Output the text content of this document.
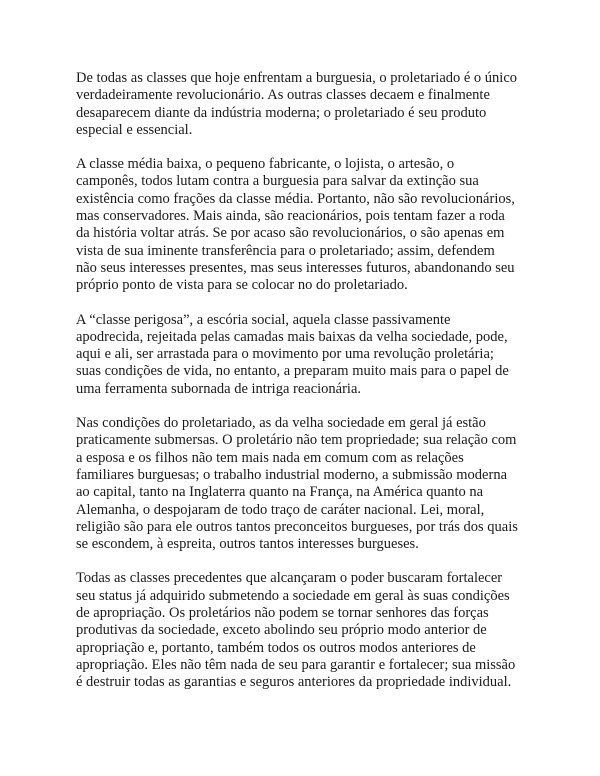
De todas as classes que hoje enfrentam a burguesia, o proletariado é o único
verdadeiramente revolucionário. As outras classes decaem e finalmente
desaparecem diante da indústria moderna; o proletariado é seu produto
especial e essencial.

A classe média baixa, o pequeno fabricante, o lojista, o artesão, o
camponês, todos lutam contra a burguesia para salvar da extinção sua
existência como frações da classe média. Portanto, não são revolucionários,
mas conservadores. Mais ainda, são reacionários, pois tentam fazer a roda
da história voltar atrás. Se por acaso são revolucionários, o são apenas em
vista de sua iminente transferência para o proletariado; assim, defendem
não seus interesses presentes, mas seus interesses futuros, abandonando seu
próprio ponto de vista para se colocar no do proletariado.

A “classe perigosa”, a escória social, aquela classe passivamente
apodrecida, rejeitada pelas camadas mais baixas da velha sociedade, pode,
aqui e ali, ser arrastada para o movimento por uma revolução proletária;
suas condições de vida, no entanto, a preparam muito mais para o papel de
uma ferramenta subornada de intriga reacionária.

Nas condições do proletariado, as da velha sociedade em geral já estão
praticamente submersas. O proletário não tem propriedade; sua relação com
a esposa e os filhos não tem mais nada em comum com as relações
familiares burguesas; o trabalho industrial moderno, a submissão moderna
ao capital, tanto na Inglaterra quanto na França, na América quanto na
Alemanha, o despojaram de todo traço de caráter nacional. Lei, moral,
religião são para ele outros tantos preconceitos burgueses, por trás dos quais
se escondem, à espreita, outros tantos interesses burgueses.

Todas as classes precedentes que alcançaram o poder buscaram fortalecer
seu status já adquirido submetendo a sociedade em geral às suas condições
de apropriação. Os proletários não podem se tornar senhores das forças
produtivas da sociedade, exceto abolindo seu próprio modo anterior de
apropriação e, portanto, também todos os outros modos anteriores de
apropriação. Eles não têm nada de seu para garantir e fortalecer; sua missão
é destruir todas as garantias e seguros anteriores da propriedade individual.
